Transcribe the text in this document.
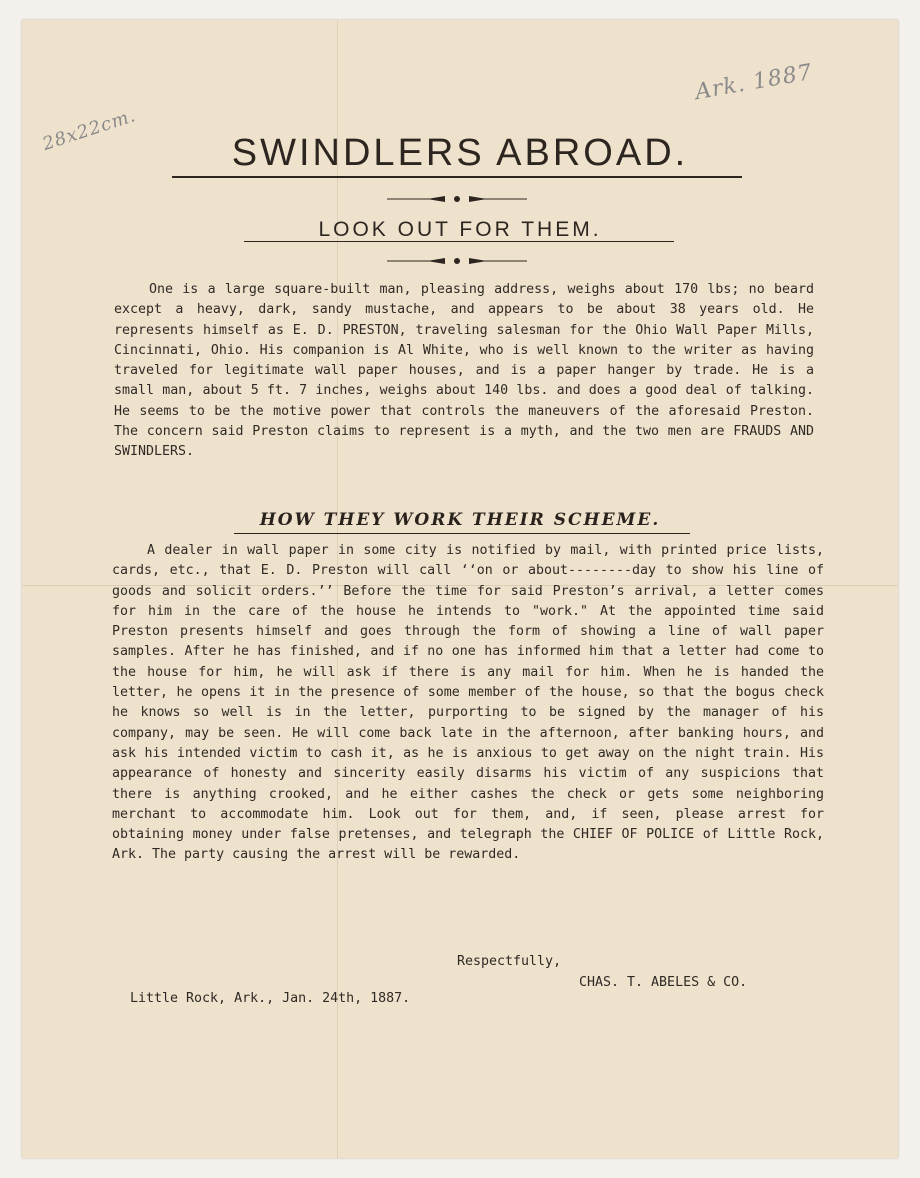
28x22cm.
Ark. 1887
SWINDLERS ABROAD.
LOOK OUT FOR THEM.

One is a large square-built man, pleasing address, weighs about 170 lbs; no beard except a heavy, dark, sandy mustache, and appears to be about 38 years old. He represents himself as E. D. PRESTON, traveling salesman for the Ohio Wall Paper Mills, Cincinnati, Ohio. His companion is Al White, who is well known to the writer as having traveled for legitimate wall paper houses, and is a paper hanger by trade. He is a small man, about 5 ft. 7 inches, weighs about 140 lbs. and does a good deal of talking. He seems to be the motive power that controls the maneuvers of the aforesaid Preston. The concern said Preston claims to represent is a myth, and the two men are FRAUDS AND SWINDLERS.

HOW THEY WORK THEIR SCHEME.

A dealer in wall paper in some city is notified by mail, with printed price lists, cards, etc., that E. D. Preston will call ‘‘on or about--------day to show his line of goods and solicit orders.’’ Before the time for said Preston’s arrival, a letter comes for him in the care of the house he intends to "work." At the appointed time said Preston presents himself and goes through the form of showing a line of wall paper samples. After he has finished, and if no one has informed him that a letter had come to the house for him, he will ask if there is any mail for him. When he is handed the letter, he opens it in the presence of some member of the house, so that the bogus check he knows so well is in the letter, purporting to be signed by the manager of his company, may be seen. He will come back late in the afternoon, after banking hours, and ask his intended victim to cash it, as he is anxious to get away on the night train. His appearance of honesty and sincerity easily disarms his victim of any suspicions that there is anything crooked, and he either cashes the check or gets some neighboring merchant to accommodate him. Look out for them, and, if seen, please arrest for obtaining money under false pretenses, and telegraph the CHIEF OF POLICE of Little Rock, Ark. The party causing the arrest will be rewarded.

Respectfully,
CHAS. T. ABELES & CO.
Little Rock, Ark., Jan. 24th, 1887.
